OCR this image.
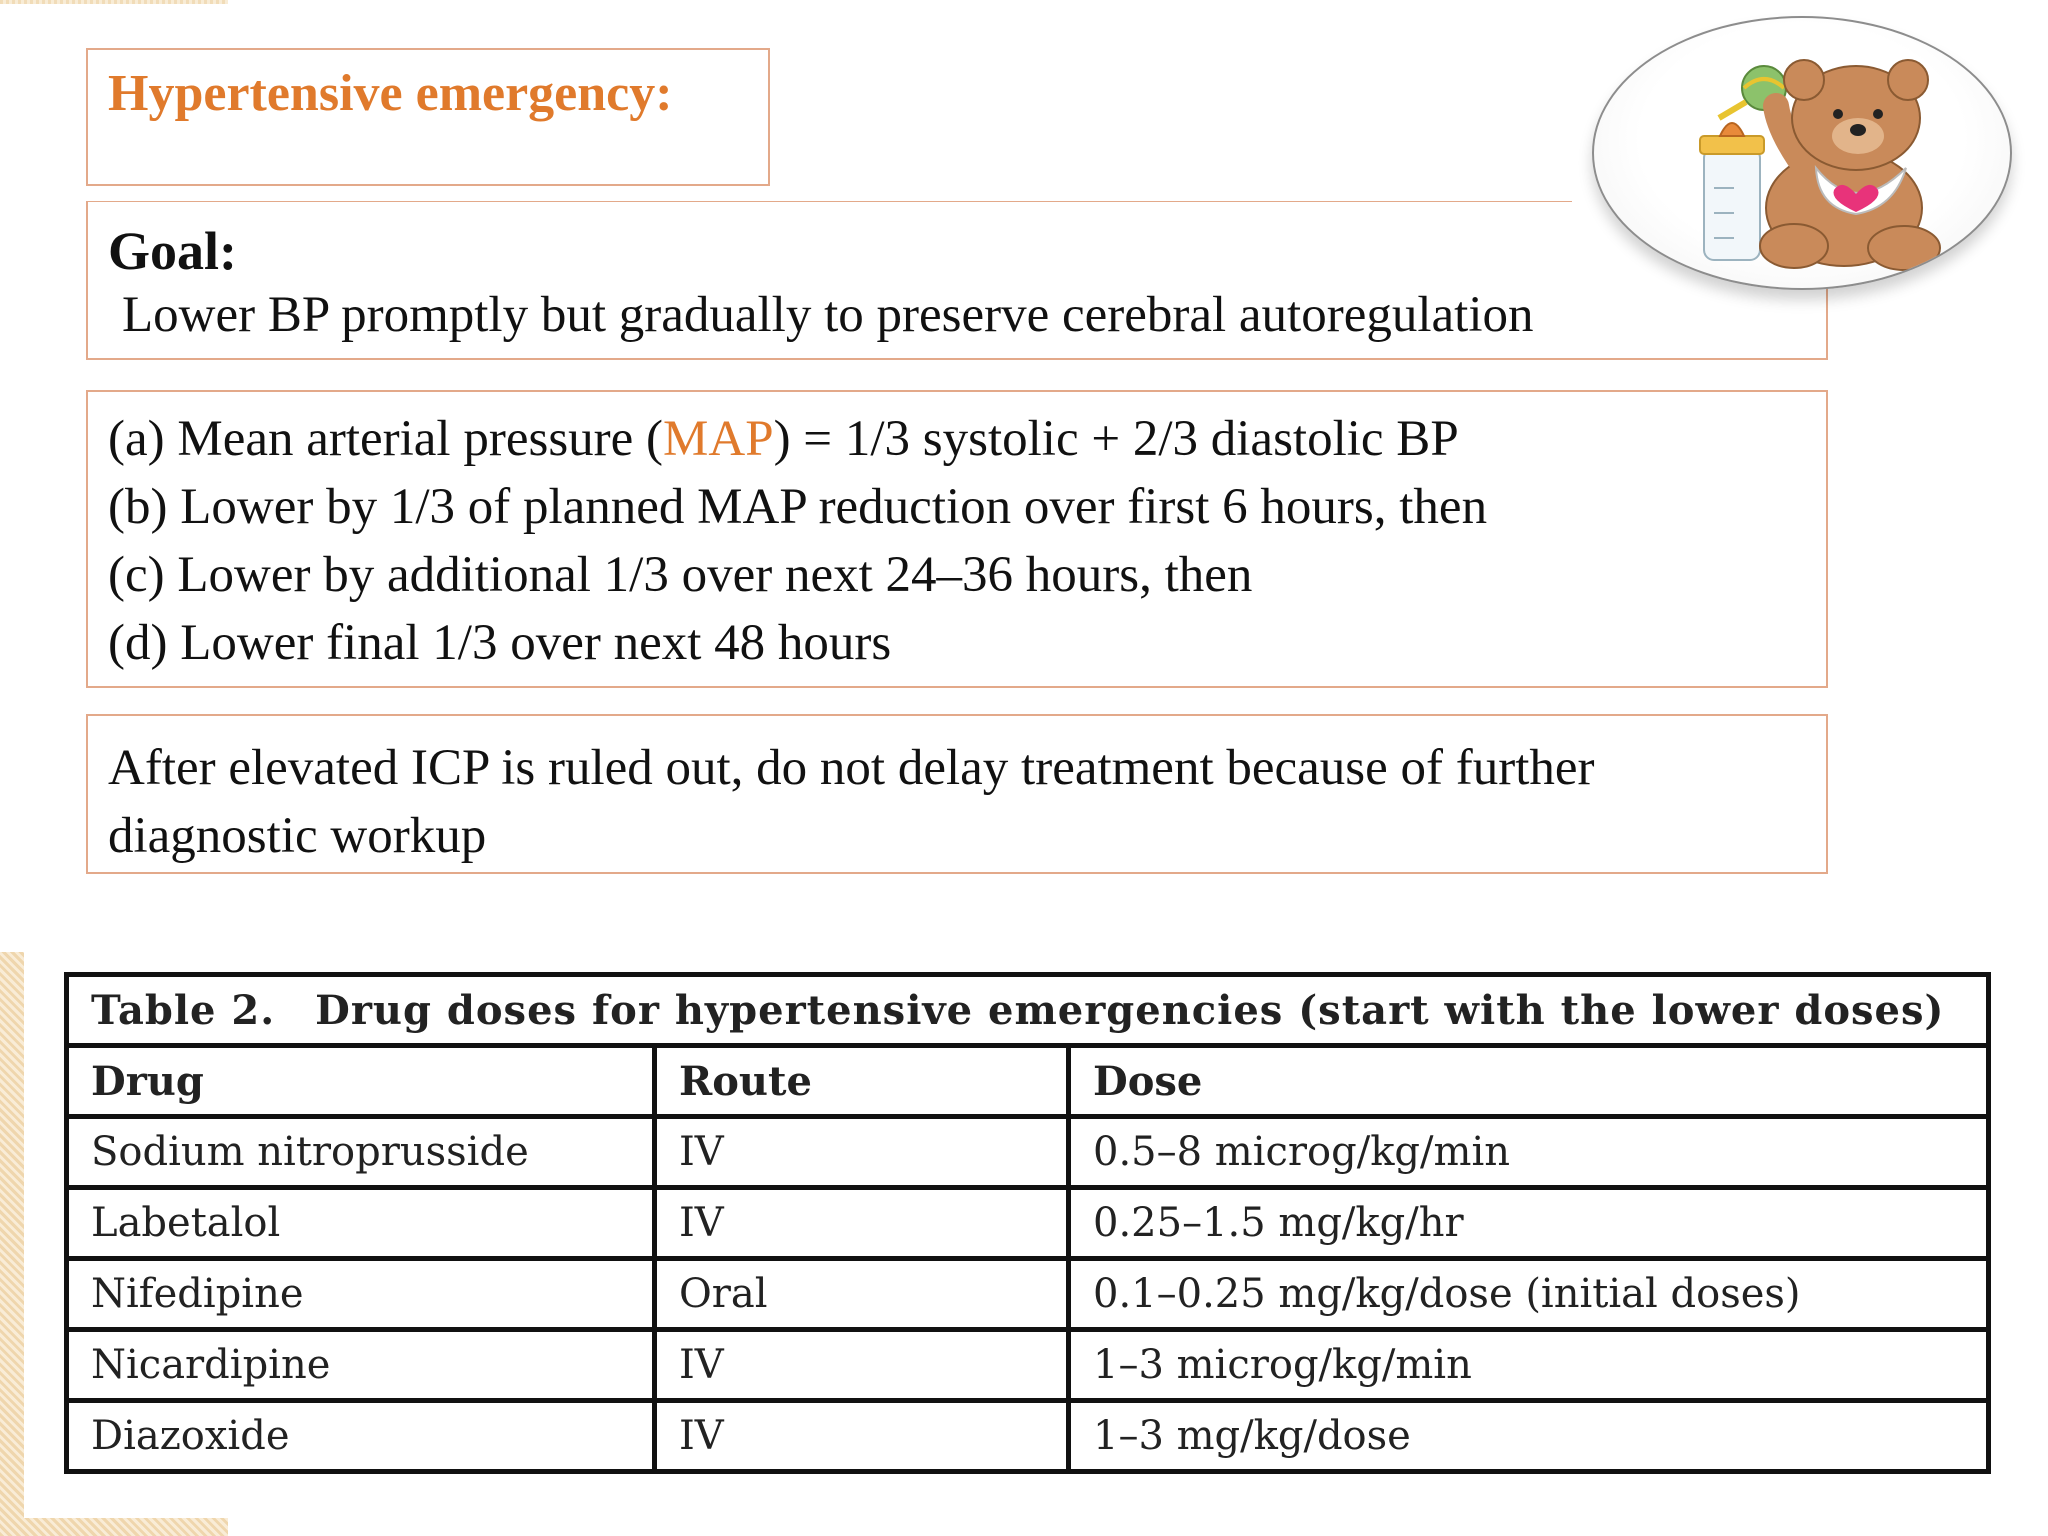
Hypertensive emergency:
Goal:
Lower BP promptly but gradually to preserve cerebral autoregulation
(a) Mean arterial pressure (MAP) = 1/3 systolic + 2/3 diastolic BP
(b) Lower by 1/3 of planned MAP reduction over first 6 hours, then
(c) Lower by additional 1/3 over next 24–36 hours, then
(d) Lower final 1/3 over next 48 hours
After elevated ICP is ruled out, do not delay treatment because of further diagnostic workup
Table 2. Drug doses for hypertensive emergencies (start with the lower doses)		
Drug	Route	Dose
Sodium nitroprusside	IV	0.5–8 microg/kg/min
Labetalol	IV	0.25–1.5 mg/kg/hr
Nifedipine	Oral	0.1–0.25 mg/kg/dose (initial doses)
Nicardipine	IV	1–3 microg/kg/min
Diazoxide	IV	1–3 mg/kg/dose
